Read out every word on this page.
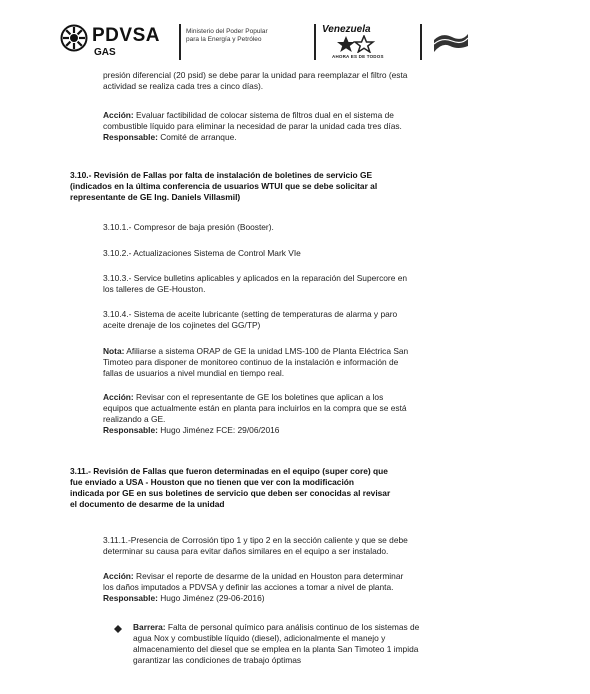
PDVSA
GAS
Ministerio del Poder Popular
para la Energía y Petróleo
Venezuela
AHORA ES DE TODOS

presión diferencial (20 psid) se debe parar la unidad para reemplazar el filtro (esta
actividad se realiza cada tres a cinco días).

Acción: Evaluar factibilidad de colocar sistema de filtros dual en el sistema de
combustible líquido para eliminar la necesidad de parar la unidad cada tres días.
Responsable: Comité de arranque.

3.10.- Revisión de Fallas por falta de instalación de boletines de servicio GE
(indicados en la última conferencia de usuarios WTUI que se debe solicitar al
representante de GE Ing. Daniels Villasmil)

3.10.1.- Compresor de baja presión (Booster).

3.10.2.- Actualizaciones Sistema de Control Mark VIe

3.10.3.- Service bulletins aplicables y aplicados en la reparación del Supercore en
los talleres de GE-Houston.

3.10.4.- Sistema de aceite lubricante (setting de temperaturas de alarma y paro
aceite drenaje de los cojinetes del GG/TP)

Nota: Afiliarse a sistema ORAP de GE la unidad LMS-100 de Planta Eléctrica San
Timoteo para disponer de monitoreo continuo de la instalación e información de
fallas de usuarios a nivel mundial en tiempo real.

Acción: Revisar con el representante de GE los boletines que aplican a los
equipos que actualmente están en planta para incluirlos en la compra que se está
realizando a GE.
Responsable: Hugo Jiménez FCE: 29/06/2016

3.11.- Revisión de Fallas que fueron determinadas en el equipo (super core) que
fue enviado a USA - Houston que no tienen que ver con la modificación
indicada por GE en sus boletines de servicio que deben ser conocidas al revisar
el documento de desarme de la unidad

3.11.1.-Presencia de Corrosión tipo 1 y tipo 2 en la sección caliente y que se debe
determinar su causa para evitar daños similares en el equipo a ser instalado.

Acción: Revisar el reporte de desarme de la unidad en Houston para determinar
los daños imputados a PDVSA y definir las acciones a tomar a nivel de planta.
Responsable: Hugo Jiménez (29-06-2016)

Barrera: Falta de personal químico para análisis continuo de los sistemas de
agua Nox y combustible líquido (diesel), adicionalmente el manejo y
almacenamiento del diesel que se emplea en la planta San Timoteo 1 impida
garantizar las condiciones de trabajo óptimas
